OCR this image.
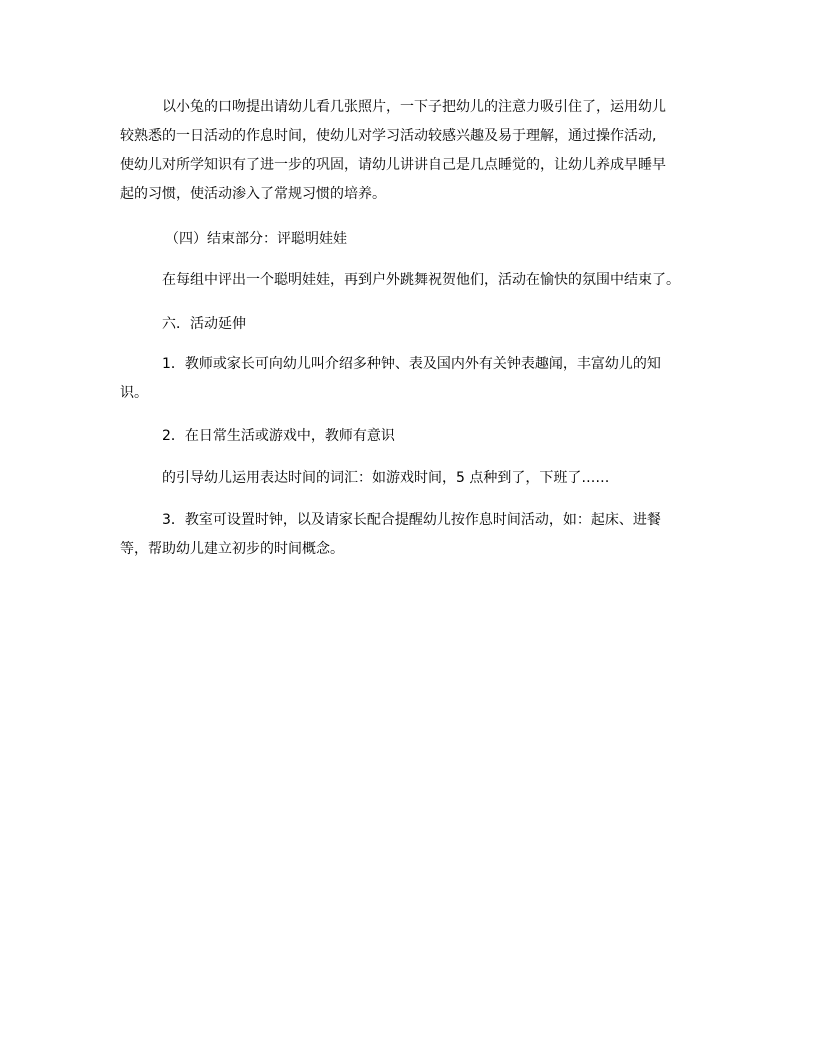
以小兔的口吻提出请幼儿看几张照片，一下子把幼儿的注意力吸引住了，运用幼儿
较熟悉的一日活动的作息时间，使幼儿对学习活动较感兴趣及易于理解，通过操作活动,
使幼儿对所学知识有了进一步的巩固，请幼儿讲讲自己是几点睡觉的，让幼儿养成早睡早
起的习惯，使活动渗入了常规习惯的培养。
（四）结束部分：评聪明娃娃
在每组中评出一个聪明娃娃，再到户外跳舞祝贺他们，活动在愉快的氛围中结束了。
六．活动延伸
1．教师或家长可向幼儿叫介绍多种钟、表及国内外有关钟表趣闻，丰富幼儿的知
识。
2．在日常生活或游戏中，教师有意识
的引导幼儿运用表达时间的词汇：如游戏时间，5 点种到了，下班了……
3．教室可设置时钟，以及请家长配合提醒幼儿按作息时间活动，如：起床、进餐
等，帮助幼儿建立初步的时间概念。
